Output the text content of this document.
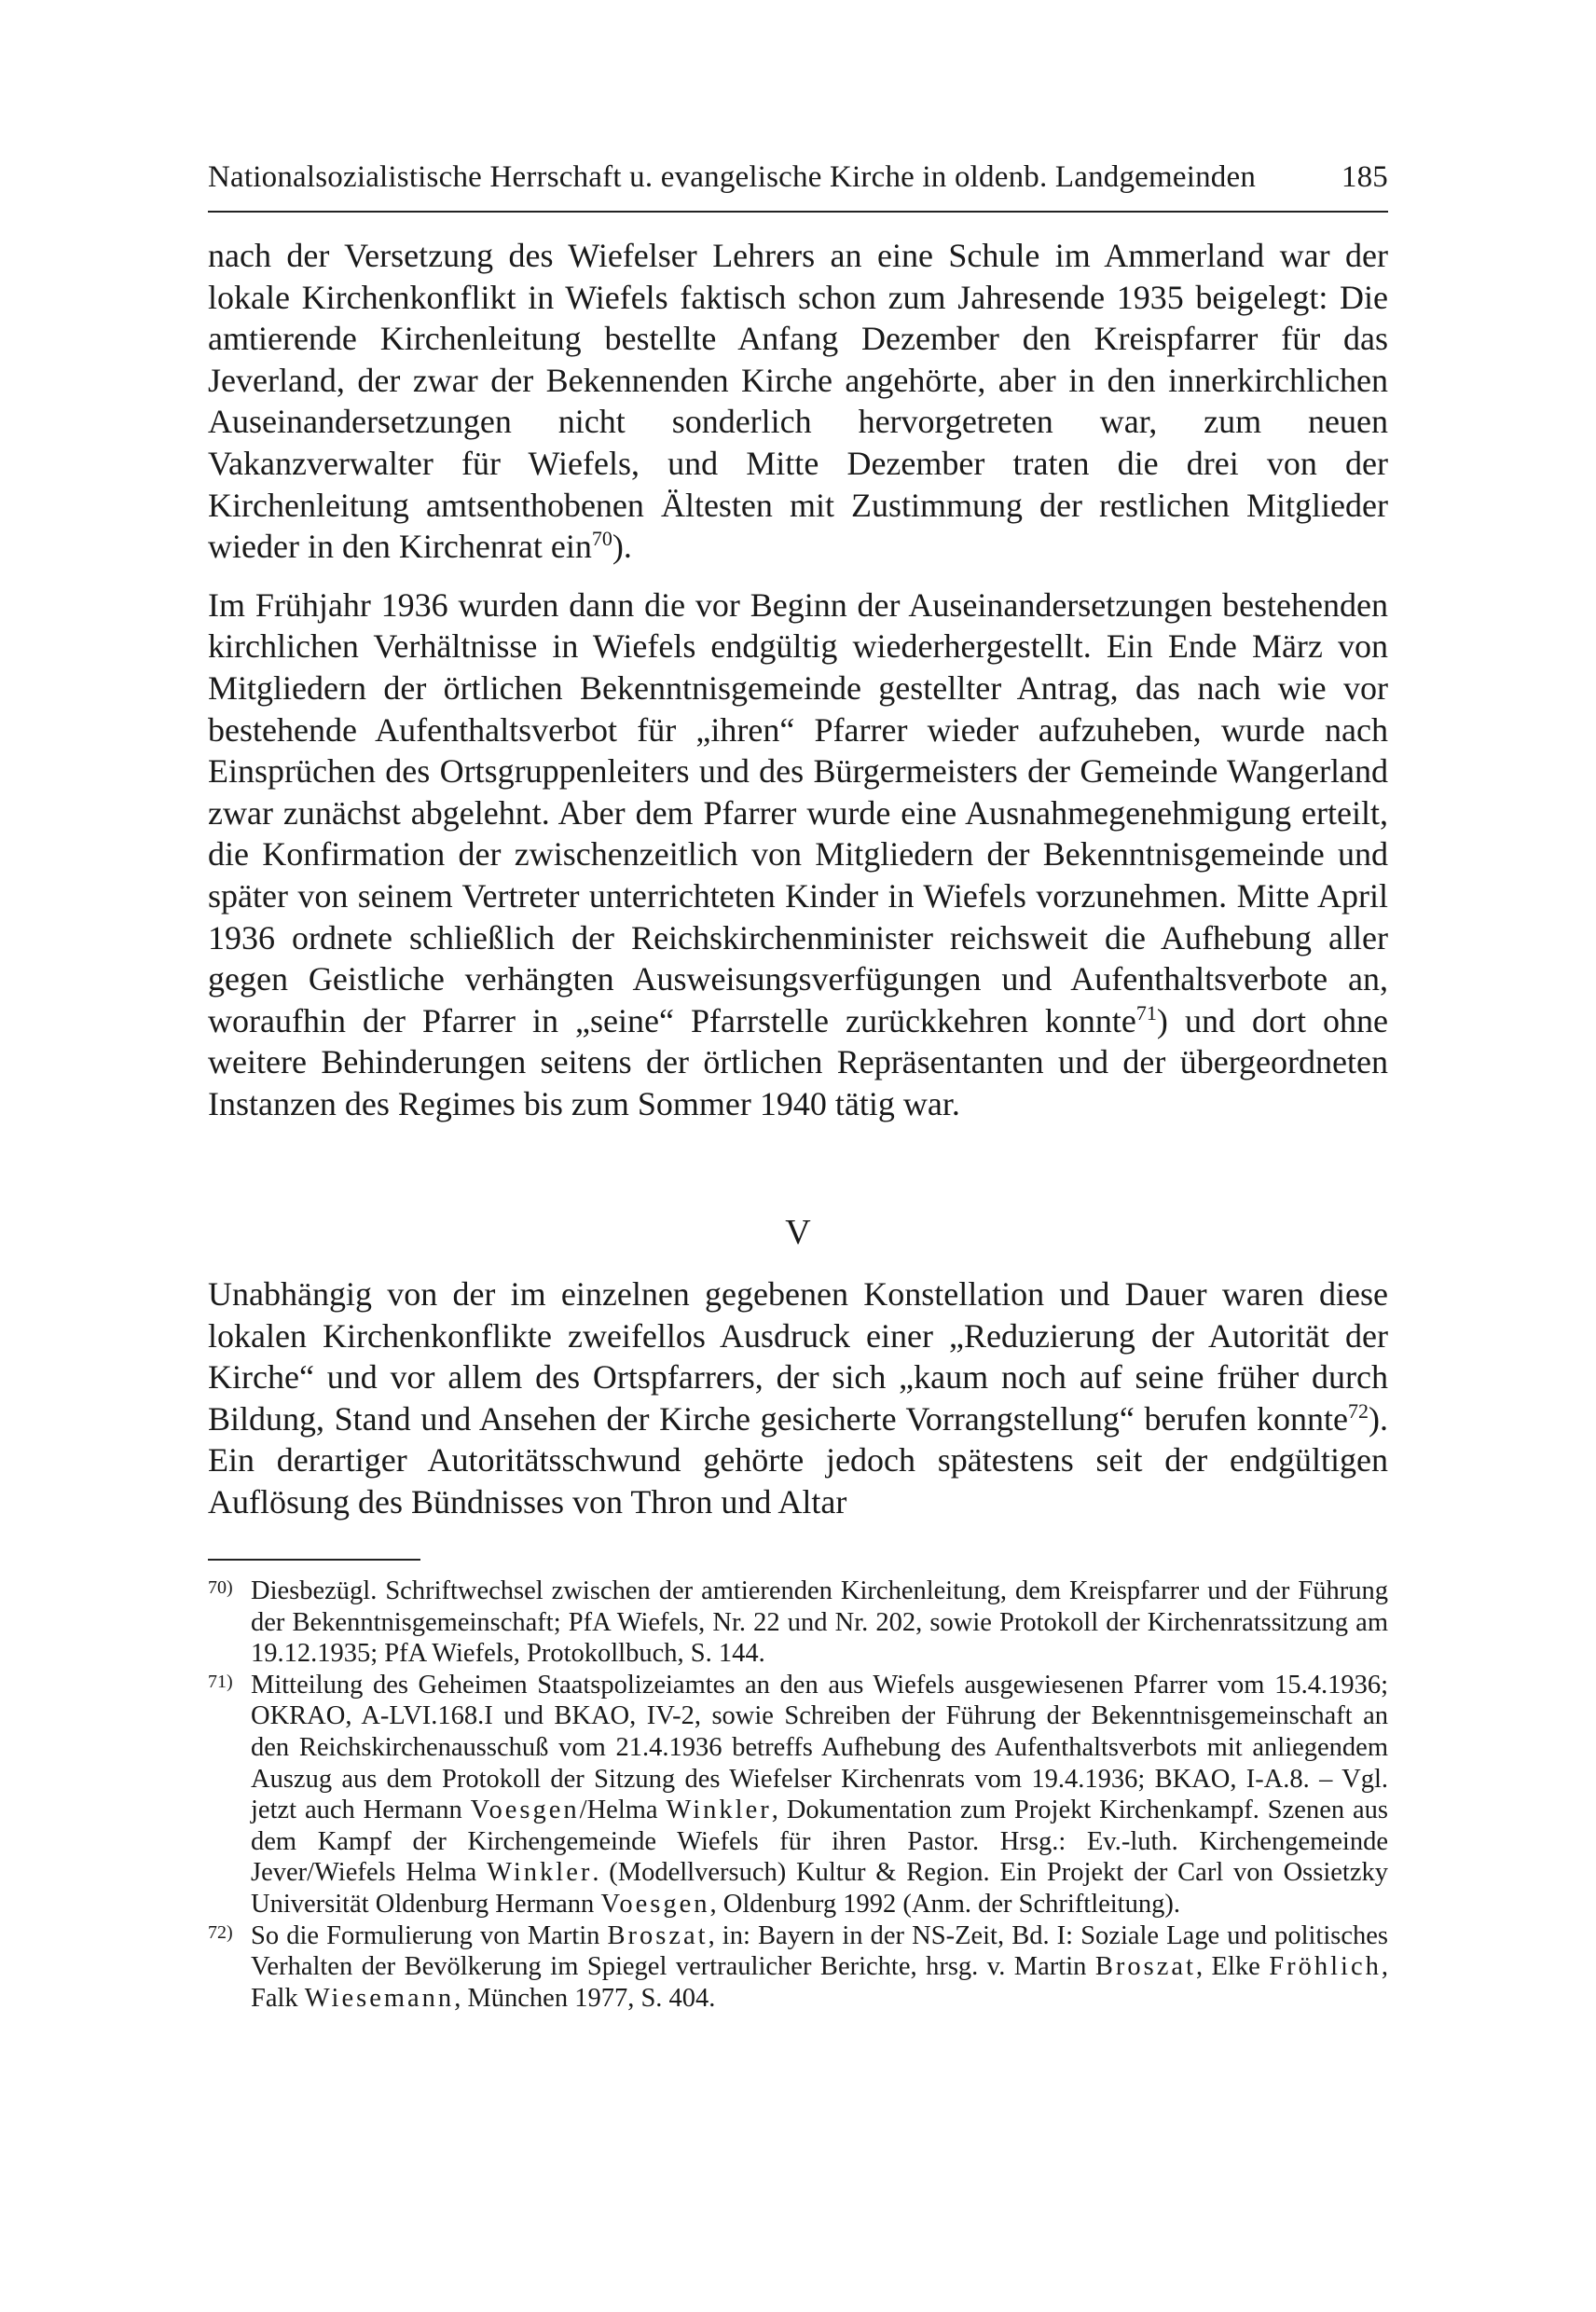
Nationalsozialistische Herrschaft u. evangelische Kirche in oldenb. Landgemeinden	185

nach der Versetzung des Wiefelser Lehrers an eine Schule im Ammerland war der lokale Kirchenkonflikt in Wiefels faktisch schon zum Jahresende 1935 beigelegt: Die amtierende Kirchenleitung bestellte Anfang Dezember den Kreispfarrer für das Jeverland, der zwar der Bekennenden Kirche angehörte, aber in den innerkirchlichen Auseinandersetzungen nicht sonderlich hervorgetreten war, zum neuen Vakanzverwalter für Wiefels, und Mitte Dezember traten die drei von der Kirchenleitung amtsenthobenen Ältesten mit Zustimmung der restlichen Mitglieder wieder in den Kirchenrat ein$^{70}$).

Im Frühjahr 1936 wurden dann die vor Beginn der Auseinandersetzungen bestehenden kirchlichen Verhältnisse in Wiefels endgültig wiederhergestellt. Ein Ende März von Mitgliedern der örtlichen Bekenntnisgemeinde gestellter Antrag, das nach wie vor bestehende Aufenthaltsverbot für „ihren“ Pfarrer wieder aufzuheben, wurde nach Einsprüchen des Ortsgruppenleiters und des Bürgermeisters der Gemeinde Wangerland zwar zunächst abgelehnt. Aber dem Pfarrer wurde eine Ausnahmegenehmigung erteilt, die Konfirmation der zwischenzeitlich von Mitgliedern der Bekenntnisgemeinde und später von seinem Vertreter unterrichteten Kinder in Wiefels vorzunehmen. Mitte April 1936 ordnete schließlich der Reichskirchenminister reichsweit die Aufhebung aller gegen Geistliche verhängten Ausweisungsverfügungen und Aufenthaltsverbote an, woraufhin der Pfarrer in „seine“ Pfarrstelle zurückkehren konnte$^{71}$) und dort ohne weitere Behinderungen seitens der örtlichen Repräsentanten und der übergeordneten Instanzen des Regimes bis zum Sommer 1940 tätig war.

V

Unabhängig von der im einzelnen gegebenen Konstellation und Dauer waren diese lokalen Kirchenkonflikte zweifellos Ausdruck einer „Reduzierung der Autorität der Kirche“ und vor allem des Ortspfarrers, der sich „kaum noch auf seine früher durch Bildung, Stand und Ansehen der Kirche gesicherte Vorrangstellung“ berufen konnte$^{72}$). Ein derartiger Autoritätsschwund gehörte jedoch spätestens seit der endgültigen Auflösung des Bündnisses von Thron und Altar

70) Diesbezügl. Schriftwechsel zwischen der amtierenden Kirchenleitung, dem Kreispfarrer und der Führung der Bekenntnisgemeinschaft; PfA Wiefels, Nr. 22 und Nr. 202, sowie Protokoll der Kirchenratssitzung am 19.12.1935; PfA Wiefels, Protokollbuch, S. 144.

71) Mitteilung des Geheimen Staatspolizeiamtes an den aus Wiefels ausgewiesenen Pfarrer vom 15.4.1936; OKRAO, A-LVI.168.I und BKAO, IV-2, sowie Schreiben der Führung der Bekenntnisgemeinschaft an den Reichskirchenausschuß vom 21.4.1936 betreffs Aufhebung des Aufenthaltsverbots mit anliegendem Auszug aus dem Protokoll der Sitzung des Wiefelser Kirchenrats vom 19.4.1936; BKAO, I-A.8. – Vgl. jetzt auch Hermann Voesgen/Helma Winkler, Dokumentation zum Projekt Kirchenkampf. Szenen aus dem Kampf der Kirchengemeinde Wiefels für ihren Pastor. Hrsg.: Ev.-luth. Kirchengemeinde Jever/Wiefels Helma Winkler. (Modellversuch) Kultur & Region. Ein Projekt der Carl von Ossietzky Universität Oldenburg Hermann Voesgen, Oldenburg 1992 (Anm. der Schriftleitung).

72) So die Formulierung von Martin Broszat, in: Bayern in der NS-Zeit, Bd. I: Soziale Lage und politisches Verhalten der Bevölkerung im Spiegel vertraulicher Berichte, hrsg. v. Martin Broszat, Elke Fröhlich, Falk Wiesemann, München 1977, S. 404.
